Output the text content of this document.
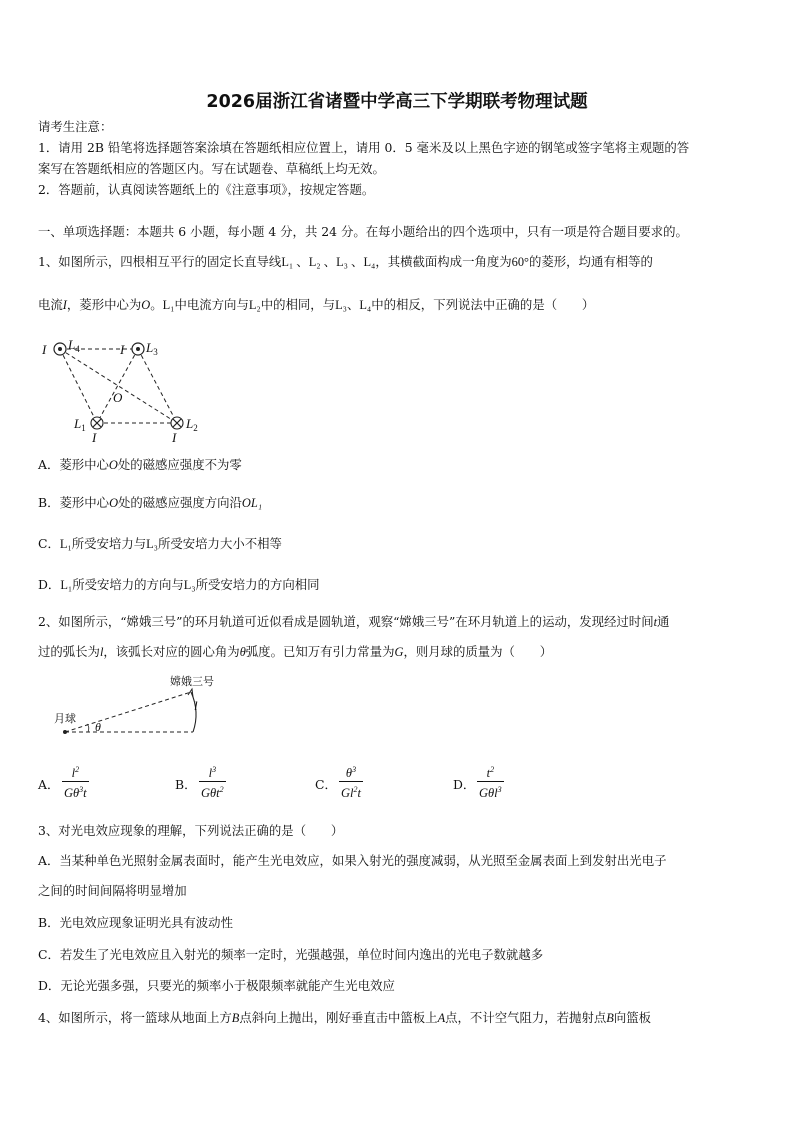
2026届浙江省诸暨中学高三下学期联考物理试题
请考生注意：
1．请用 2B 铅笔将选择题答案涂填在答题纸相应位置上，请用 0．5 毫米及以上黑色字迹的钢笔或签字笔将主观题的答
案写在答题纸相应的答题区内。写在试题卷、草稿纸上均无效。
2．答题前，认真阅读答题纸上的《注意事项》，按规定答题。
一、单项选择题：本题共 6 小题，每小题 4 分，共 24 分。在每小题给出的四个选项中，只有一项是符合题目要求的。
1、如图所示，四根相互平行的固定长直导线L₁ 、L₂ 、L₃ 、L₄，其横截面构成一角度为60°的菱形，均通有相等的
电流I，菱形中心为O。L₁中电流方向与L₂中的相同，与L₃、L₄中的相反，下列说法中正确的是（　　）
I	I
I	I
O
$L_4$	$L_3$
$L_1$	$L_2$
A．菱形中心O处的磁感应强度不为零
B．菱形中心O处的磁感应强度方向沿OL₁
C．L₁所受安培力与L₃所受安培力大小不相等
D．L₁所受安培力的方向与L₃所受安培力的方向相同
2、如图所示，“嫦娥三号”的环月轨道可近似看成是圆轨道，观察“嫦娥三号”在环月轨道上的运动，发现经过时间t通
过的弧长为l，该弧长对应的圆心角为θ弧度。已知万有引力常量为G，则月球的质量为（　　）
嫦娥三号
月球
l
θ
A． $\frac{l^2}{G\theta^3t}$	B．
$l^3$
Gθt$^2$	C． $\frac{\theta^3}{Gl^2t}$	D．
$t^2$
Gθl$^3$
3、对光电效应现象的理解，下列说法正确的是（　　）
A．当某种单色光照射金属表面时，能产生光电效应，如果入射光的强度减弱，从光照至金属表面上到发射出光电子
之间的时间间隔将明显增加
B．光电效应现象证明光具有波动性
C．若发生了光电效应且入射光的频率一定时，光强越强，单位时间内逸出的光电子数就越多
D．无论光强多强，只要光的频率小于极限频率就能产生光电效应
4、如图所示，将一篮球从地面上方B点斜向上抛出，刚好垂直击中篮板上A点，不计空气阻力，若抛射点B向篮板
